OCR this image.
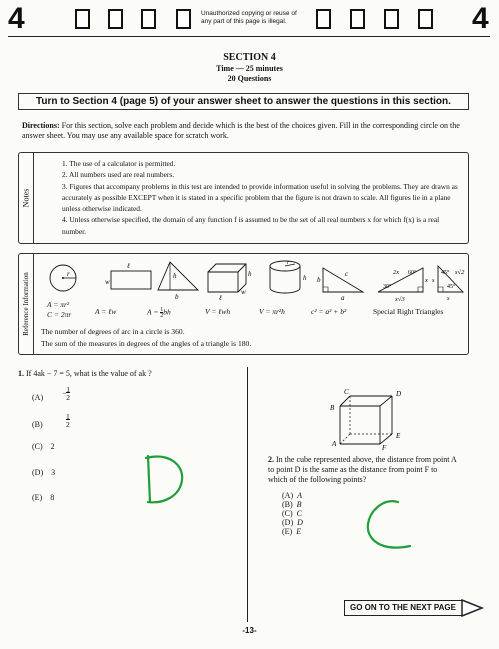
4	Unauthorized copying or reuse of any part of this page is illegal.	4
SECTION 4
Time — 25 minutes
20 Questions
Turn to Section 4 (page 5) of your answer sheet to answer the questions in this section.
Directions: For this section, solve each problem and decide which is the best of the choices given. Fill in the corresponding circle on the answer sheet. You may use any available space for scratch work.
Notes
1. The use of a calculator is permitted.
2. All numbers used are real numbers.
3. Figures that accompany problems in this test are intended to provide information useful in solving the problems. They are drawn as accurately as possible EXCEPT when it is stated in a specific problem that the figure is not drawn to scale. All figures lie in a plane unless otherwise indicated.
4. Unless otherwise specified, the domain of any function f is assumed to be the set of all real numbers x for which f(x) is a real number.
Reference Information	r
ℓ
w
h
b
h
w
ℓ
r
h b
c
a
2x 60°
30°
x
x√3
45°
45°
s√2
s
s
A = πr²
C = 2πr	A = ℓw	$A = \frac{1}{2}bh$	V = ℓwh	V = πr²h	c² = a² + b²	Special Right Triangles
The number of degrees of arc in a circle is 360.
The sum of the measures in degrees of the angles of a triangle is 180.
1. If 4ak − 7 = 5, what is the value of ak ?
(A)	$-\frac{1}{2}$
(B)	$\frac{1}{2}$
(C) 2
(D) 3
(E) 8
C	D
B
E
F
A
2. In the cube represented above, the distance from point A to point D is the same as the distance from point F to which of the following points?
(A) A
(B) B
(C) C
(D) D
(E) E
GO ON TO THE NEXT PAGE
-13-
